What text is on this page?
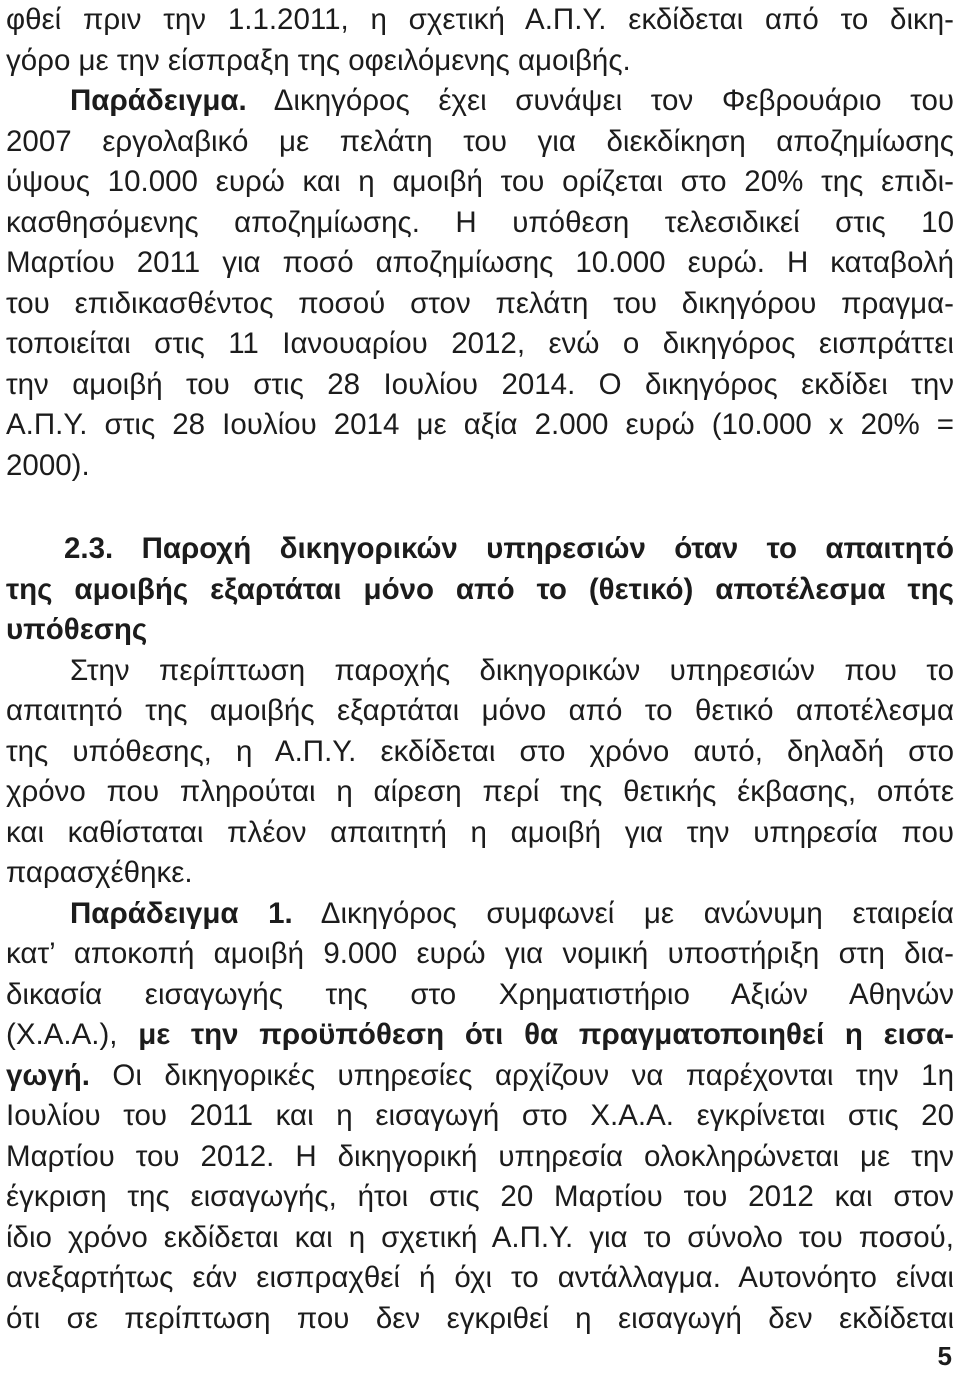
φθεί πριν την 1.1.2011, η σχετική Α.Π.Υ. εκδίδεται από το δικη-
γόρο με την είσπραξη της οφειλόμενης αμοιβής.
Παράδειγμα. Δικηγόρος έχει συνάψει τον Φεβρουάριο του
2007 εργολαβικό με πελάτη του για διεκδίκηση αποζημίωσης
ύψους 10.000 ευρώ και η αμοιβή του ορίζεται στο 20% της επιδι-
κασθησόμενης αποζημίωσης. Η υπόθεση τελεσιδικεί στις 10
Μαρτίου 2011 για ποσό αποζημίωσης 10.000 ευρώ. Η καταβολή
του επιδικασθέντος ποσού στον πελάτη του δικηγόρου πραγμα-
τοποιείται στις 11 Ιανουαρίου 2012, ενώ ο δικηγόρος εισπράττει
την αμοιβή του στις 28 Ιουλίου 2014. Ο δικηγόρος εκδίδει την
Α.Π.Υ. στις 28 Ιουλίου 2014 με αξία 2.000 ευρώ (10.000 x 20% =
2000).
2.3. Παροχή δικηγορικών υπηρεσιών όταν το απαιτητό
της αμοιβής εξαρτάται μόνο από το (θετικό) αποτέλεσμα της
υπόθεσης
Στην περίπτωση παροχής δικηγορικών υπηρεσιών που το
απαιτητό της αμοιβής εξαρτάται μόνο από το θετικό αποτέλεσμα
της υπόθεσης, η Α.Π.Υ. εκδίδεται στο χρόνο αυτό, δηλαδή στο
χρόνο που πληρούται η αίρεση περί της θετικής έκβασης, οπότε
και καθίσταται πλέον απαιτητή η αμοιβή για την υπηρεσία που
παρασχέθηκε.
Παράδειγμα 1. Δικηγόρος συμφωνεί με ανώνυμη εταιρεία
κατ’ αποκοπή αμοιβή 9.000 ευρώ για νομική υποστήριξη στη δια-
δικασία εισαγωγής της στο Χρηματιστήριο Αξιών Αθηνών
(Χ.Α.Α.), με την προϋπόθεση ότι θα πραγματοποιηθεί η εισα-
γωγή. Οι δικηγορικές υπηρεσίες αρχίζουν να παρέχονται την 1η
Ιουλίου του 2011 και η εισαγωγή στο Χ.Α.Α. εγκρίνεται στις 20
Μαρτίου του 2012. Η δικηγορική υπηρεσία ολοκληρώνεται με την
έγκριση της εισαγωγής, ήτοι στις 20 Μαρτίου του 2012 και στον
ίδιο χρόνο εκδίδεται και η σχετική Α.Π.Υ. για το σύνολο του ποσού,
ανεξαρτήτως εάν εισπραχθεί ή όχι το αντάλλαγμα. Αυτονόητο είναι
ότι σε περίπτωση που δεν εγκριθεί η εισαγωγή δεν εκδίδεται
5
